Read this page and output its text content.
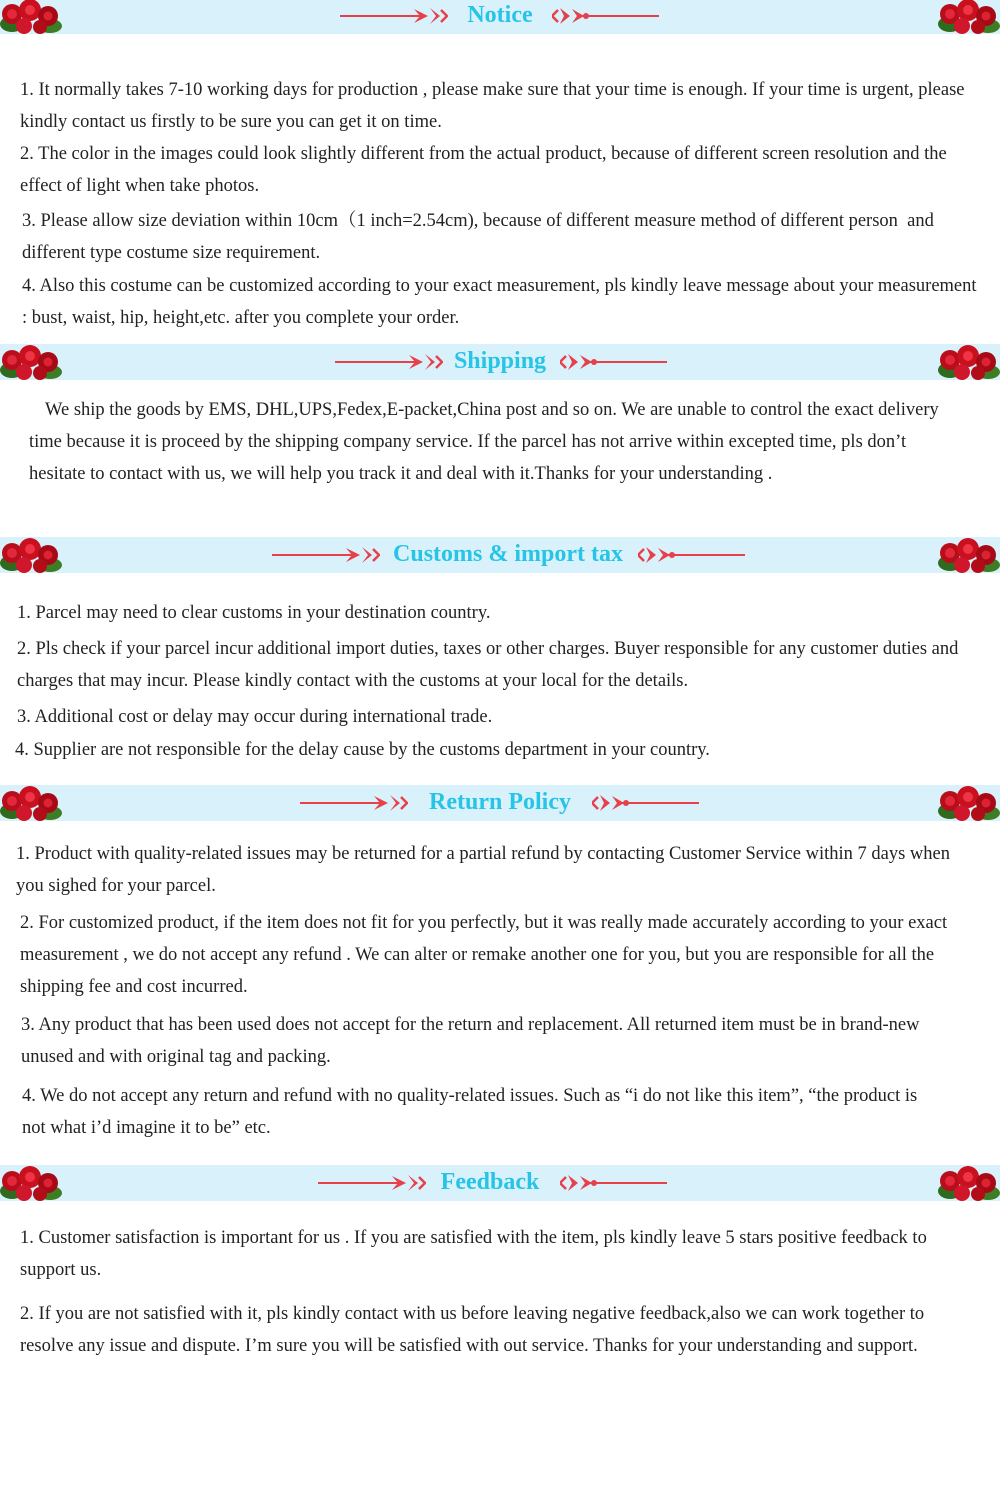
Notice

1. It normally takes 7-10 working days for production , please make sure that your time is enough. If your time is urgent, please kindly contact us firstly to be sure you can get it on time.

2. The color in the images could look slightly different from the actual product, because of different screen resolution and the effect of light when take photos.

3. Please allow size deviation within 10cm（1 inch=2.54cm), because of different measure method of different person  and different type costume size requirement.

4. Also this costume can be customized according to your exact measurement, pls kindly leave message about your measurement : bust, waist, hip, height,etc. after you complete your order.

Shipping

We ship the goods by EMS, DHL,UPS,Fedex,E-packet,China post and so on. We are unable to control the exact delivery time because it is proceed by the shipping company service. If the parcel has not arrive within excepted time, pls don’t hesitate to contact with us, we will help you track it and deal with it.Thanks for your understanding .

Customs & import tax

1. Parcel may need to clear customs in your destination country.

2. Pls check if your parcel incur additional import duties, taxes or other charges. Buyer responsible for any customer duties and charges that may incur. Please kindly contact with the customs at your local for the details.

3. Additional cost or delay may occur during international trade.

4. Supplier are not responsible for the delay cause by the customs department in your country.

Return Policy

1. Product with quality-related issues may be returned for a partial refund by contacting Customer Service within 7 days when you sighed for your parcel.

2. For customized product, if the item does not fit for you perfectly, but it was really made accurately according to your exact measurement , we do not accept any refund . We can alter or remake another one for you, but you are responsible for all the shipping fee and cost incurred.

3. Any product that has been used does not accept for the return and replacement. All returned item must be in brand-new unused and with original tag and packing.

4. We do not accept any return and refund with no quality-related issues. Such as “i do not like this item”, “the product is not what i’d imagine it to be” etc.

Feedback

1. Customer satisfaction is important for us . If you are satisfied with the item, pls kindly leave 5 stars positive feedback to support us.

2. If you are not satisfied with it, pls kindly contact with us before leaving negative feedback,also we can work together to resolve any issue and dispute. I’m sure you will be satisfied with out service. Thanks for your understanding and support.
